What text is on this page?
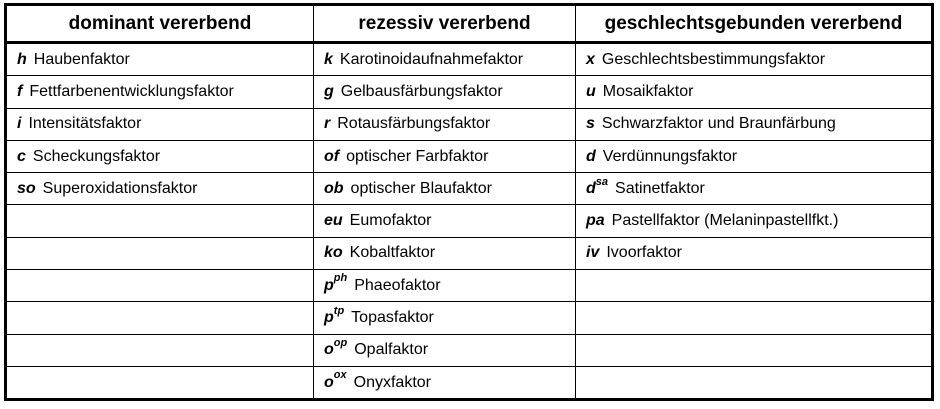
dominant vererbend	rezessiv vererbend	geschlechtsgebunden vererbend
h Haubenfaktor	k Karotinoidaufnahmefaktor	x Geschlechtsbestimmungsfaktor
f Fettfarbenentwicklungsfaktor	g Gelbausfärbungsfaktor	u Mosaikfaktor
i Intensitätsfaktor	r Rotausfärbungsfaktor	s Schwarzfaktor und Braunfärbung
c Scheckungsfaktor	of optischer Farbfaktor	d Verdünnungsfaktor
so Superoxidationsfaktor	ob optischer Blaufaktor	$d^{sa}$ Satinetfaktor
	eu Eumofaktor	pa Pastellfaktor (Melaninpastellfkt.)
	ko Kobaltfaktor	iv Ivoorfaktor
	$p^{ph}$ Phaeofaktor	
	$p^{tp}$ Topasfaktor	
	$o^{op}$ Opalfaktor	
	$o^{ox}$ Onyxfaktor	
